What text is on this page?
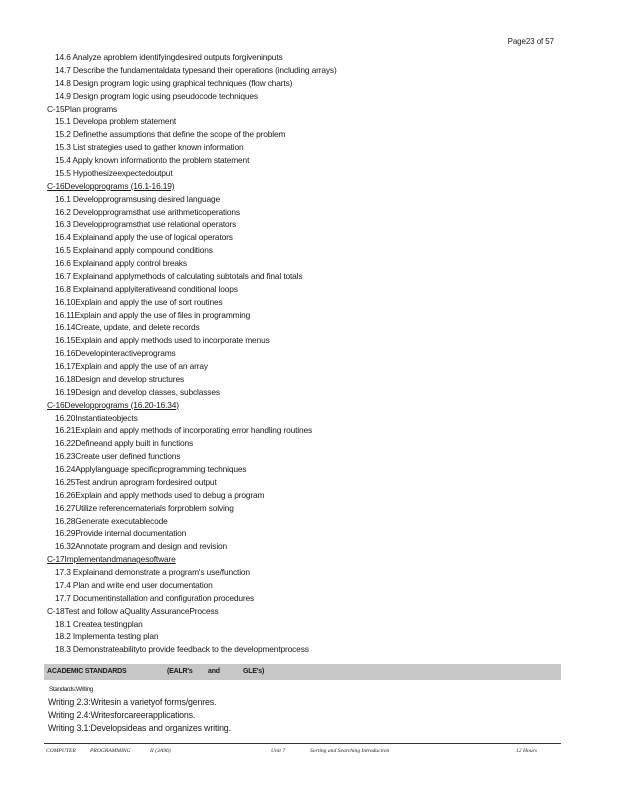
Page23 of 57
14.6 Analyze aproblem identifyingdesired outputs forgiveninputs
14.7 Describe the fundamentaldata typesand their operations (including arrays)
14.8 Design program logic using graphical techniques (flow charts)
14.9 Design program logic using pseudocode techniques
C-15Plan programs
15.1 Developa problem statement
15.2 Definethe assumptions that define the scope of the problem
15.3 List strategies used to gather known information
15.4 Apply known informationto the problem statement
15.5 Hypothesizeexpectedoutput
C-16Developprograms (16.1-16.19)
16.1 Developprogramsusing desired language
16.2 Developprogramsthat use arithmeticoperations
16.3 Developprogramsthat use relational operators
16.4 Explainand apply the use of logical operators
16.5 Explainand apply compound conditions
16.6 Explainand apply control breaks
16.7 Explainand applymethods of calculating subtotals and final totals
16.8 Explainand applyiterativeand conditional loops
16.10Explain and apply the use of sort routines
16.11Explain and apply the use of files in programming
16.14Create, update, and delete records
16.15Explain and apply methods used to incorporate menus
16.16Developinteractiveprograms
16.17Explain and apply the use of an array
16.18Design and develop structures
16.19Design and develop classes, subclasses
C-16Developprograms (16.20-16.34)
16.20Instantiateobjects
16.21Explain and apply methods of incorporating error handling routines
16.22Defineand apply built in functions
16.23Create user defined functions
16.24Applylanguage specificprogramming techniques
16.25Test andrun aprogram fordesired output
16.26Explain and apply methods used to debug a program
16.27Utilize referencematerials forproblem solving
16.28Generate executablecode
16.29Provide internal documentation
16.32Annotate program and design and revision
C-17Implementandmanagesoftware
17.3 Explainand demonstrate a program's use/function
17.4 Plan and write end user documentation
17.7 Documentinstallation and configuration procedures
C-18Test and follow aQuality AssuranceProcess
18.1 Createa testingplan
18.2 Implementa testing plan
18.3 Demonstrateabilityto provide feedback to the developmentprocess
ACADEMIC STANDARDS	(EALR's and	GLE's)
Standards:Writing
Writing 2.3:Writesin a varietyof forms/genres.
Writing 2.4:Writesforcareerapplications.
Writing 3.1:Developsideas and organizes writing.
COMPUTER	PROGRAMMING	II (3A96)	Unit 7	Sorting and Searching Introduction	12 Hours
